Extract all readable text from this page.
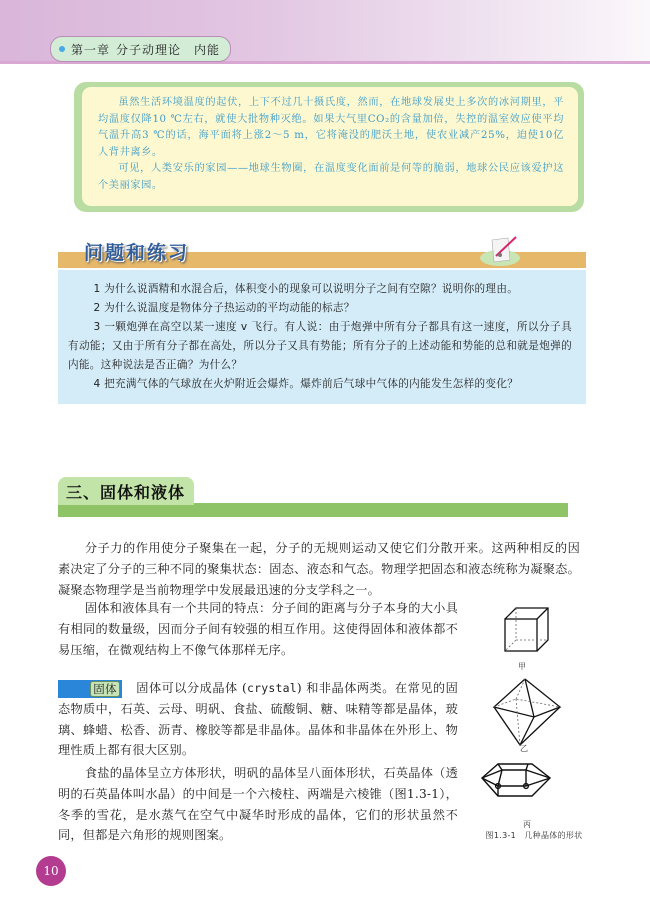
第一章 分子动理论　内能

虽然生活环境温度的起伏，上下不过几十摄氏度，然而，在地球发展史上多次的冰河期里，平均温度仅降10 ℃左右，就使大批物种灭绝。如果大气里CO₂的含量加倍，失控的温室效应使平均气温升高3 ℃的话，海平面将上涨2～5 m，它将淹没的肥沃土地，使农业减产25%，迫使10亿人背井离乡。

可见，人类安乐的家园——地球生物圈，在温度变化面前是何等的脆弱，地球公民应该爱护这个美丽家园。

问题和练习

1 为什么说酒精和水混合后，体积变小的现象可以说明分子之间有空隙？说明你的理由。

2 为什么说温度是物体分子热运动的平均动能的标志？

3 一颗炮弹在高空以某一速度 v 飞行。有人说：由于炮弹中所有分子都具有这一速度，所以分子具有动能；又由于所有分子都在高处，所以分子又具有势能；所有分子的上述动能和势能的总和就是炮弹的内能。这种说法是否正确？为什么？

4 把充满气体的气球放在火炉附近会爆炸。爆炸前后气球中气体的内能发生怎样的变化？

三、固体和液体

分子力的作用使分子聚集在一起，分子的无规则运动又使它们分散开来。这两种相反的因素决定了分子的三种不同的聚集状态：固态、液态和气态。物理学把固态和液态统称为凝聚态。凝聚态物理学是当前物理学中发展最迅速的分支学科之一。

固体和液体具有一个共同的特点：分子间的距离与分子本身的大小具有相同的数量级，因而分子间有较强的相互作用。这使得固体和液体都不易压缩，在微观结构上不像气体那样无序。

固体 固体可以分成晶体 (crystal) 和非晶体两类。在常见的固态物质中，石英、云母、明矾、食盐、硫酸铜、糖、味精等都是晶体，玻璃、蜂蜡、松香、沥青、橡胶等都是非晶体。晶体和非晶体在外形上、物理性质上都有很大区别。

食盐的晶体呈立方体形状，明矾的晶体呈八面体形状，石英晶体（透明的石英晶体叫水晶）的中间是一个六棱柱、两端是六棱锥（图1.3-1），冬季的雪花，是水蒸气在空气中凝华时形成的晶体，它们的形状虽然不同，但都是六角形的规则图案。

甲
乙
丙
图1.3-1　几种晶体的形状
10
